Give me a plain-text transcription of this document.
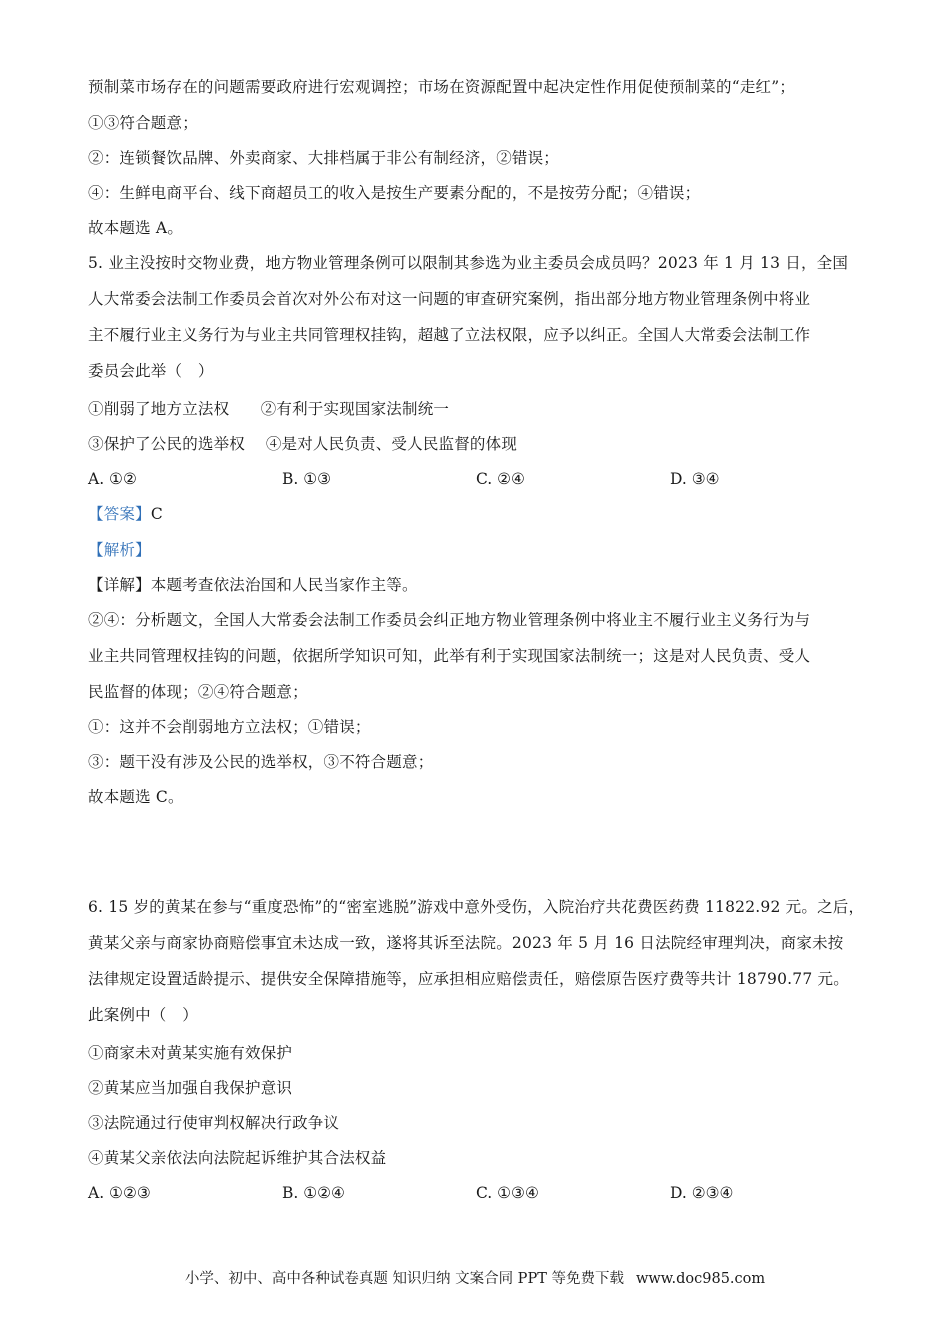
预制菜市场存在的问题需要政府进行宏观调控；市场在资源配置中起决定性作用促使预制菜的“走红”；
①③符合题意；
②：连锁餐饮品牌、外卖商家、大排档属于非公有制经济，②错误；
④：生鲜电商平台、线下商超员工的收入是按生产要素分配的，不是按劳分配；④错误；
故本题选 A。
5. 业主没按时交物业费，地方物业管理条例可以限制其参选为业主委员会成员吗？2023 年 1 月 13 日，全国
人大常委会法制工作委员会首次对外公布对这一问题的审查研究案例，指出部分地方物业管理条例中将业
主不履行业主义务行为与业主共同管理权挂钩，超越了立法权限，应予以纠正。全国人大常委会法制工作
委员会此举（　）
①削弱了地方立法权　　②有利于实现国家法制统一
③保护了公民的选举权　 ④是对人民负责、受人民监督的体现
A. ①②	B. ①③	C. ②④	D. ③④
【答案】C
【解析】
【详解】本题考查依法治国和人民当家作主等。
②④：分析题文，全国人大常委会法制工作委员会纠正地方物业管理条例中将业主不履行业主义务行为与
业主共同管理权挂钩的问题，依据所学知识可知，此举有利于实现国家法制统一；这是对人民负责、受人
民监督的体现；②④符合题意；
①：这并不会削弱地方立法权；①错误；
③：题干没有涉及公民的选举权，③不符合题意；
故本题选 C。
6. 15 岁的黄某在参与“重度恐怖”的“密室逃脱”游戏中意外受伤，入院治疗共花费医药费 11822.92 元。之后，
黄某父亲与商家协商赔偿事宜未达成一致，遂将其诉至法院。2023 年 5 月 16 日法院经审理判决，商家未按
法律规定设置适龄提示、提供安全保障措施等，应承担相应赔偿责任，赔偿原告医疗费等共计 18790.77 元。
此案例中（　）
①商家未对黄某实施有效保护
②黄某应当加强自我保护意识
③法院通过行使审判权解决行政争议
④黄某父亲依法向法院起诉维护其合法权益
A. ①②③	B. ①②④	C. ①③④	D. ②③④
小学、初中、高中各种试卷真题 知识归纳 文案合同 PPT 等免费下载 www.doc985.com
